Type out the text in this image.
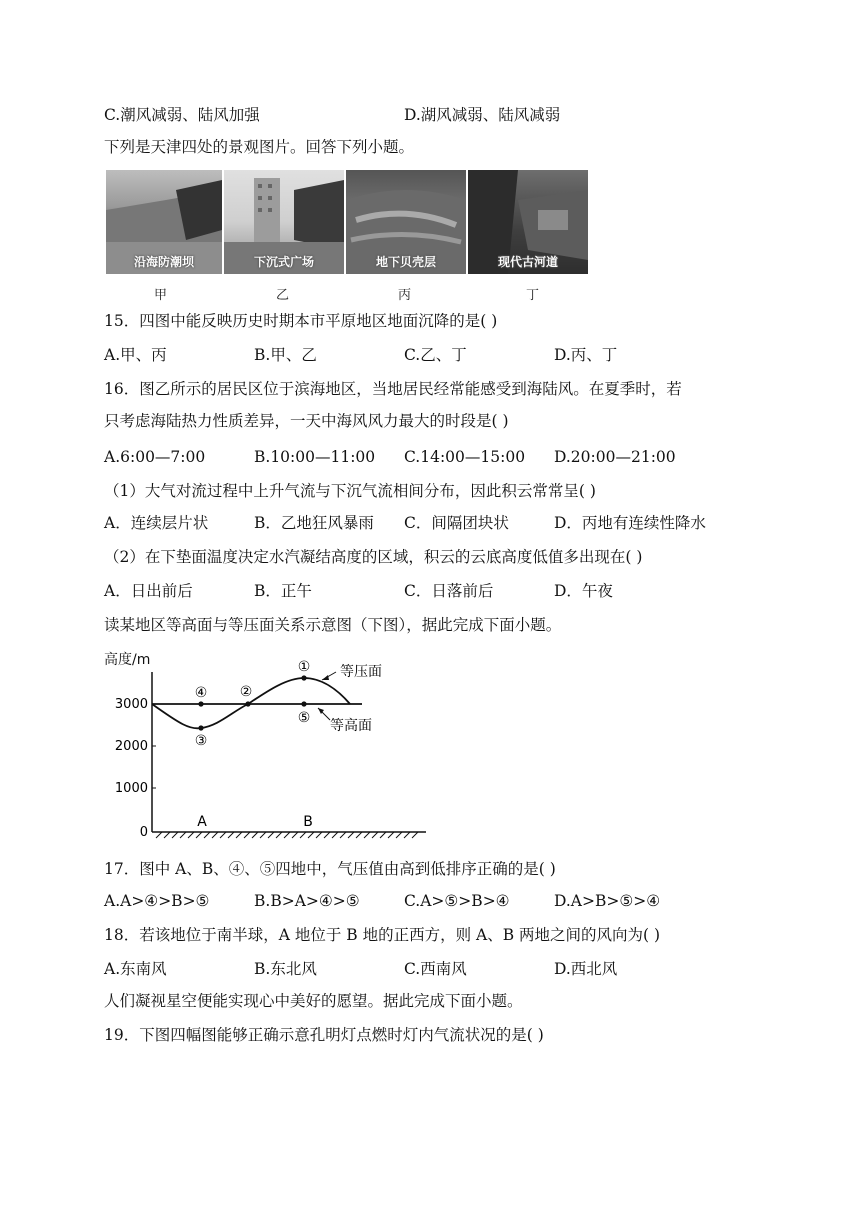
C.潮风减弱、陆风加强	D.湖风减弱、陆风减弱
下列是天津四处的景观图片。回答下列小题。
沿海防潮坝	下沉式广场	地下贝壳层	现代古河道
甲	乙	丙	丁
15．四图中能反映历史时期本市平原地区地面沉降的是( )
A.甲、丙	B.甲、乙	C.乙、丁	D.丙、丁
16．图乙所示的居民区位于滨海地区，当地居民经常能感受到海陆风。在夏季时，若
只考虑海陆热力性质差异，一天中海风风力最大的时段是( )
A.6:00—7:00	B.10:00—11:00 C.14:00—15:00 D.20:00—21:00
（1）大气对流过程中上升气流与下沉气流相间分布，因此积云常常呈( )
A．连续层片状	B．乙地狂风暴雨 C．间隔团块状	D．丙地有连续性降水
（2）在下垫面温度决定水汽凝结高度的区域，积云的云底高度低值多出现在( )
A．日出前后	B．正午	C．日落前后	D．午夜
读某地区等高面与等压面关系示意图（下图），据此完成下面小题。
高度/m
3000
2000
1000
0
①
②
③
④
⑤
等压面
等高面
A	B
17．图中 A、B、④、⑤四地中，气压值由高到低排序正确的是( )
A.A>④>B>⑤	B.B>A>④>⑤	C.A>⑤>B>④	D.A>B>⑤>④
18．若该地位于南半球，A 地位于 B 地的正西方，则 A、B 两地之间的风向为( )
A.东南风	B.东北风	C.西南风	D.西北风
人们凝视星空便能实现心中美好的愿望。据此完成下面小题。
19．下图四幅图能够正确示意孔明灯点燃时灯内气流状况的是( )
